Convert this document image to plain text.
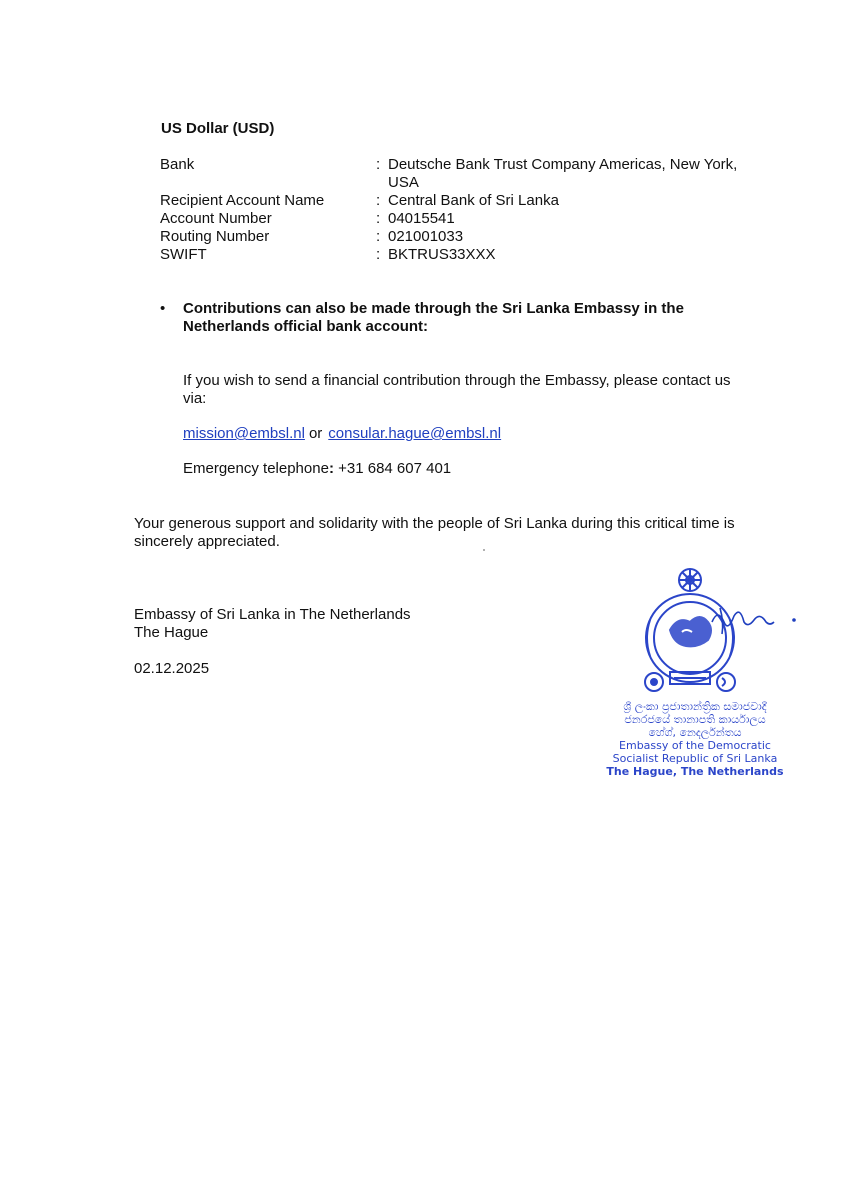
US Dollar (USD)
Bank	: Deutsche Bank Trust Company Americas, New York, USA
Recipient Account Name	: Central Bank of Sri Lanka
Account Number	: 04015541
Routing Number	: 021001033
SWIFT	: BKTRUS33XXX
• Contributions can also be made through the Sri Lanka Embassy in the Netherlands official bank account:
If you wish to send a financial contribution through the Embassy, please contact us via:
mission@embsl.nl or consular.hague@embsl.nl
Emergency telephone: +31 684 607 401
Your generous support and solidarity with the people of Sri Lanka during this critical time is sincerely appreciated.
Embassy of Sri Lanka in The Netherlands
The Hague
02.12.2025
ශ්‍රී ලංකා ප්‍රජාතාන්ත්‍රික සමාජවාදී
ජනරජයේ තානාපති කාර්යාලය
හේග්, නෙදර්ලන්තය
Embassy of the Democratic
Socialist Republic of Sri Lanka
The Hague, The Netherlands
